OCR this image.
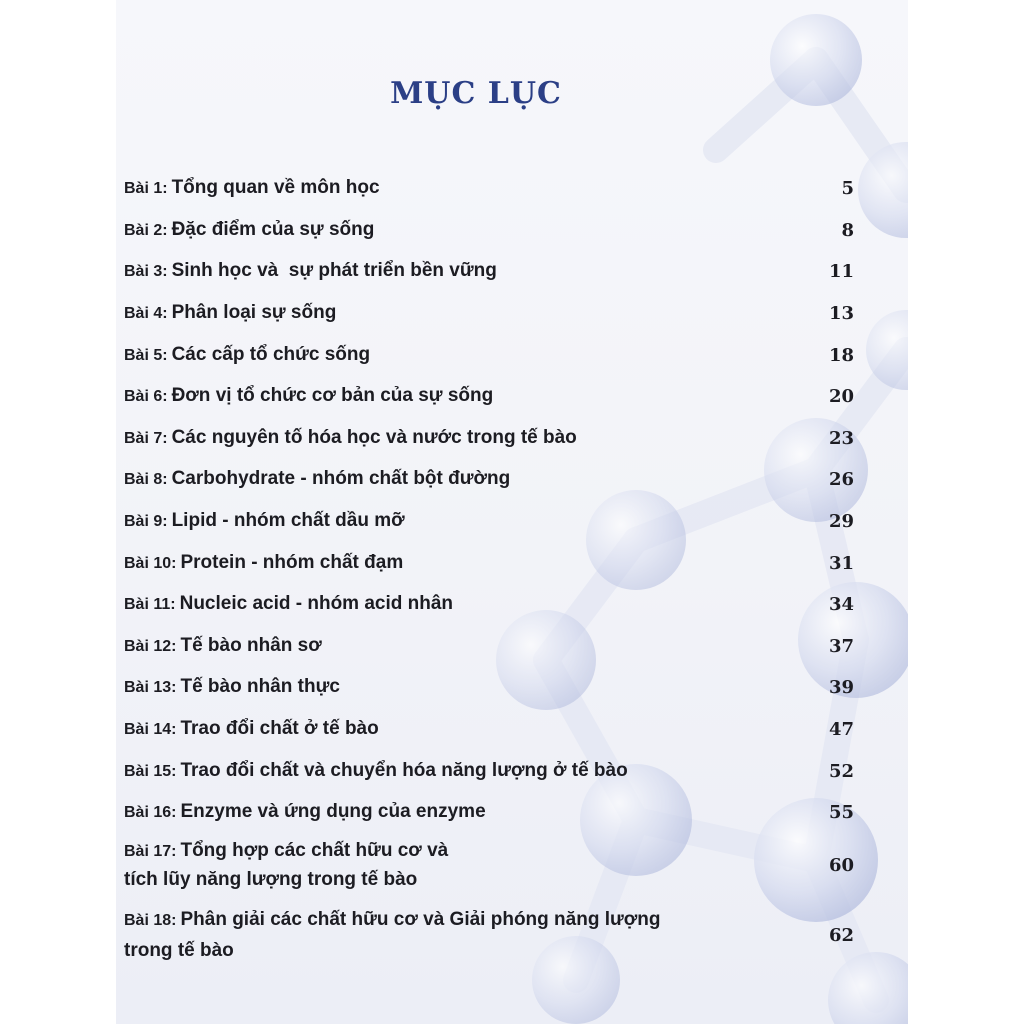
MỤC LỤC
Bài 1: Tổng quan về môn học	5
Bài 2: Đặc điểm của sự sống	8
Bài 3: Sinh học và  sự phát triển bền vững	11
Bài 4: Phân loại sự sống	13
Bài 5: Các cấp tổ chức sống	18
Bài 6: Đơn vị tổ chức cơ bản của sự sống	20
Bài 7: Các nguyên tố hóa học và nước trong tế bào	23
Bài 8: Carbohydrate - nhóm chất bột đường	26
Bài 9: Lipid - nhóm chất dầu mỡ	29
Bài 10: Protein - nhóm chất đạm	31
Bài 11: Nucleic acid - nhóm acid nhân	34
Bài 12: Tế bào nhân sơ	37
Bài 13: Tế bào nhân thực	39
Bài 14: Trao đổi chất ở tế bào	47
Bài 15: Trao đổi chất và chuyển hóa năng lượng ở tế bào	52
Bài 16: Enzyme và ứng dụng của enzyme	55
Bài 17: Tổng hợp các chất hữu cơ và
tích lũy năng lượng trong tế bào
60
Bài 18: Phân giải các chất hữu cơ và Giải phóng năng lượng
trong tế bào
62
